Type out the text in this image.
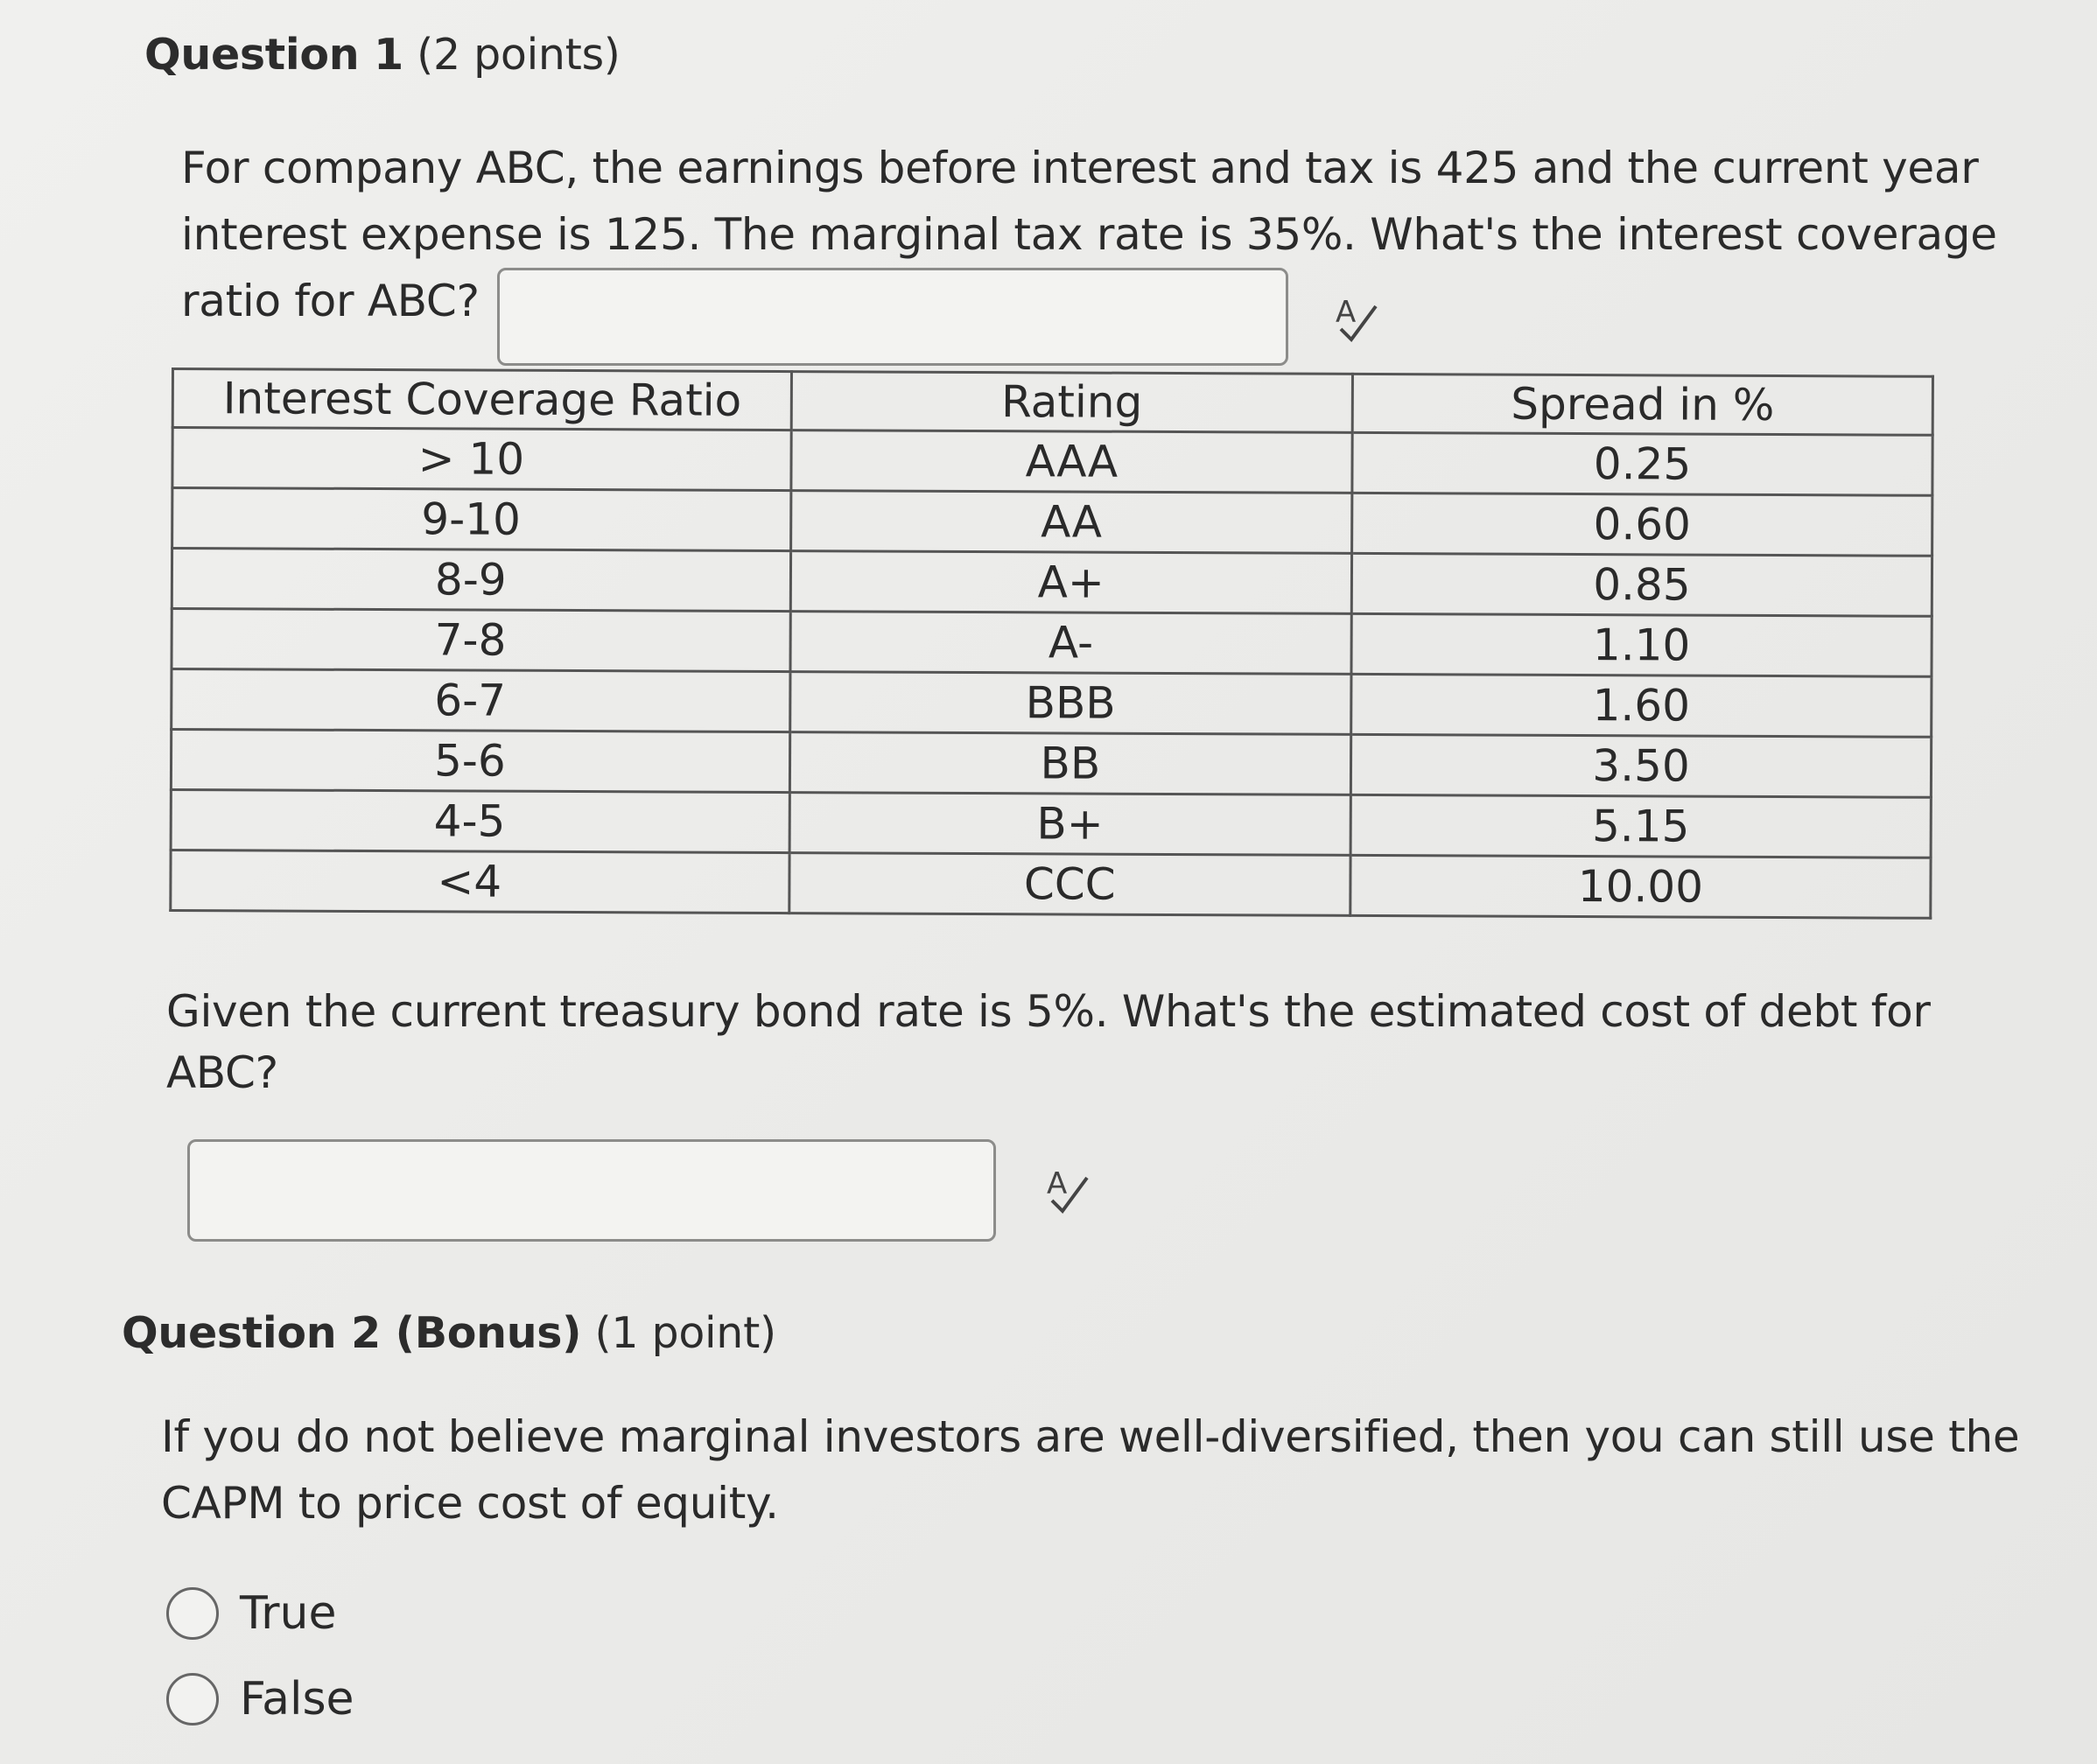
Question 1 (2 points)
For company ABC, the earnings before interest and tax is 425 and the current year
interest expense is 125. The marginal tax rate is 35%. What's the interest coverage
ratio for ABC?	A
Interest Coverage Ratio	Rating	Spread in %
> 10	AAA	0.25
9-10	AA	0.60
8-9	A+	0.85
7-8	A-	1.10
6-7	BBB	1.60
5-6	BB	3.50
4-5	B+	5.15
<4	CCC	10.00
Given the current treasury bond rate is 5%. What's the estimated cost of debt for
ABC?
A
Question 2 (Bonus) (1 point)
If you do not believe marginal investors are well-diversified, then you can still use the
CAPM to price cost of equity.
True
False
